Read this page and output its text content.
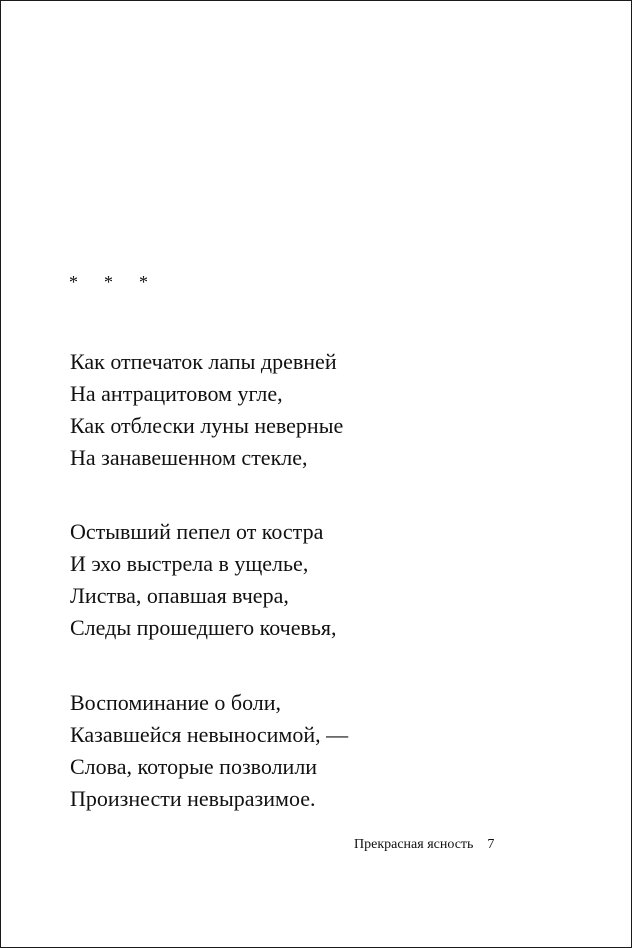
* * *
Как отпечаток лапы древней
На антрацитовом угле,
Как отблески луны неверные
На занавешенном стекле,
Остывший пепел от костра
И эхо выстрела в ущелье,
Листва, опавшая вчера,
Следы прошедшего кочевья,
Воспоминание о боли,
Казавшейся невыносимой, —
Слова, которые позволили
Произнести невыразимое.
Прекрасная ясность 7
